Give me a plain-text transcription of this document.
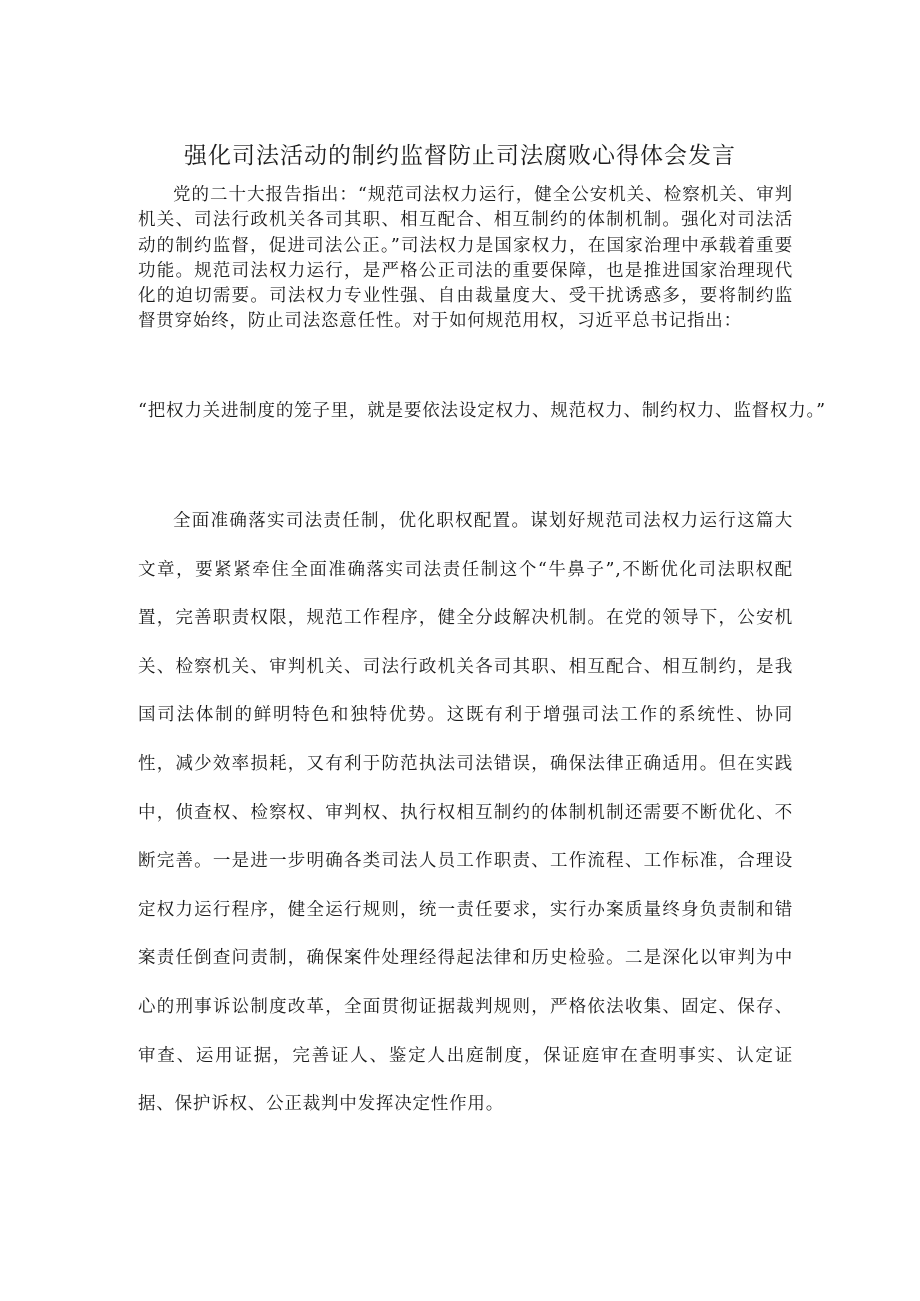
强化司法活动的制约监督防止司法腐败心得体会发言

党的二十大报告指出：“规范司法权力运行，健全公安机关、检察机关、审判机关、司法行政机关各司其职、相互配合、相互制约的体制机制。强化对司法活动的制约监督，促进司法公正。”司法权力是国家权力，在国家治理中承载着重要功能。规范司法权力运行，是严格公正司法的重要保障，也是推进国家治理现代化的迫切需要。司法权力专业性强、自由裁量度大、受干扰诱惑多，要将制约监督贯穿始终，防止司法恣意任性。对于如何规范用权，习近平总书记指出：

“把权力关进制度的笼子里，就是要依法设定权力、规范权力、制约权力、监督权力。”

全面准确落实司法责任制，优化职权配置。谋划好规范司法权力运行这篇大文章，要紧紧牵住全面准确落实司法责任制这个“牛鼻子”,不断优化司法职权配置，完善职责权限，规范工作程序，健全分歧解决机制。在党的领导下，公安机关、检察机关、审判机关、司法行政机关各司其职、相互配合、相互制约，是我国司法体制的鲜明特色和独特优势。这既有利于增强司法工作的系统性、协同性，减少效率损耗，又有利于防范执法司法错误，确保法律正确适用。但在实践中，侦查权、检察权、审判权、执行权相互制约的体制机制还需要不断优化、不断完善。一是进一步明确各类司法人员工作职责、工作流程、工作标准，合理设定权力运行程序，健全运行规则，统一责任要求，实行办案质量终身负责制和错案责任倒查问责制，确保案件处理经得起法律和历史检验。二是深化以审判为中心的刑事诉讼制度改革，全面贯彻证据裁判规则，严格依法收集、固定、保存、审查、运用证据，完善证人、鉴定人出庭制度，保证庭审在查明事实、认定证据、保护诉权、公正裁判中发挥决定性作用。
